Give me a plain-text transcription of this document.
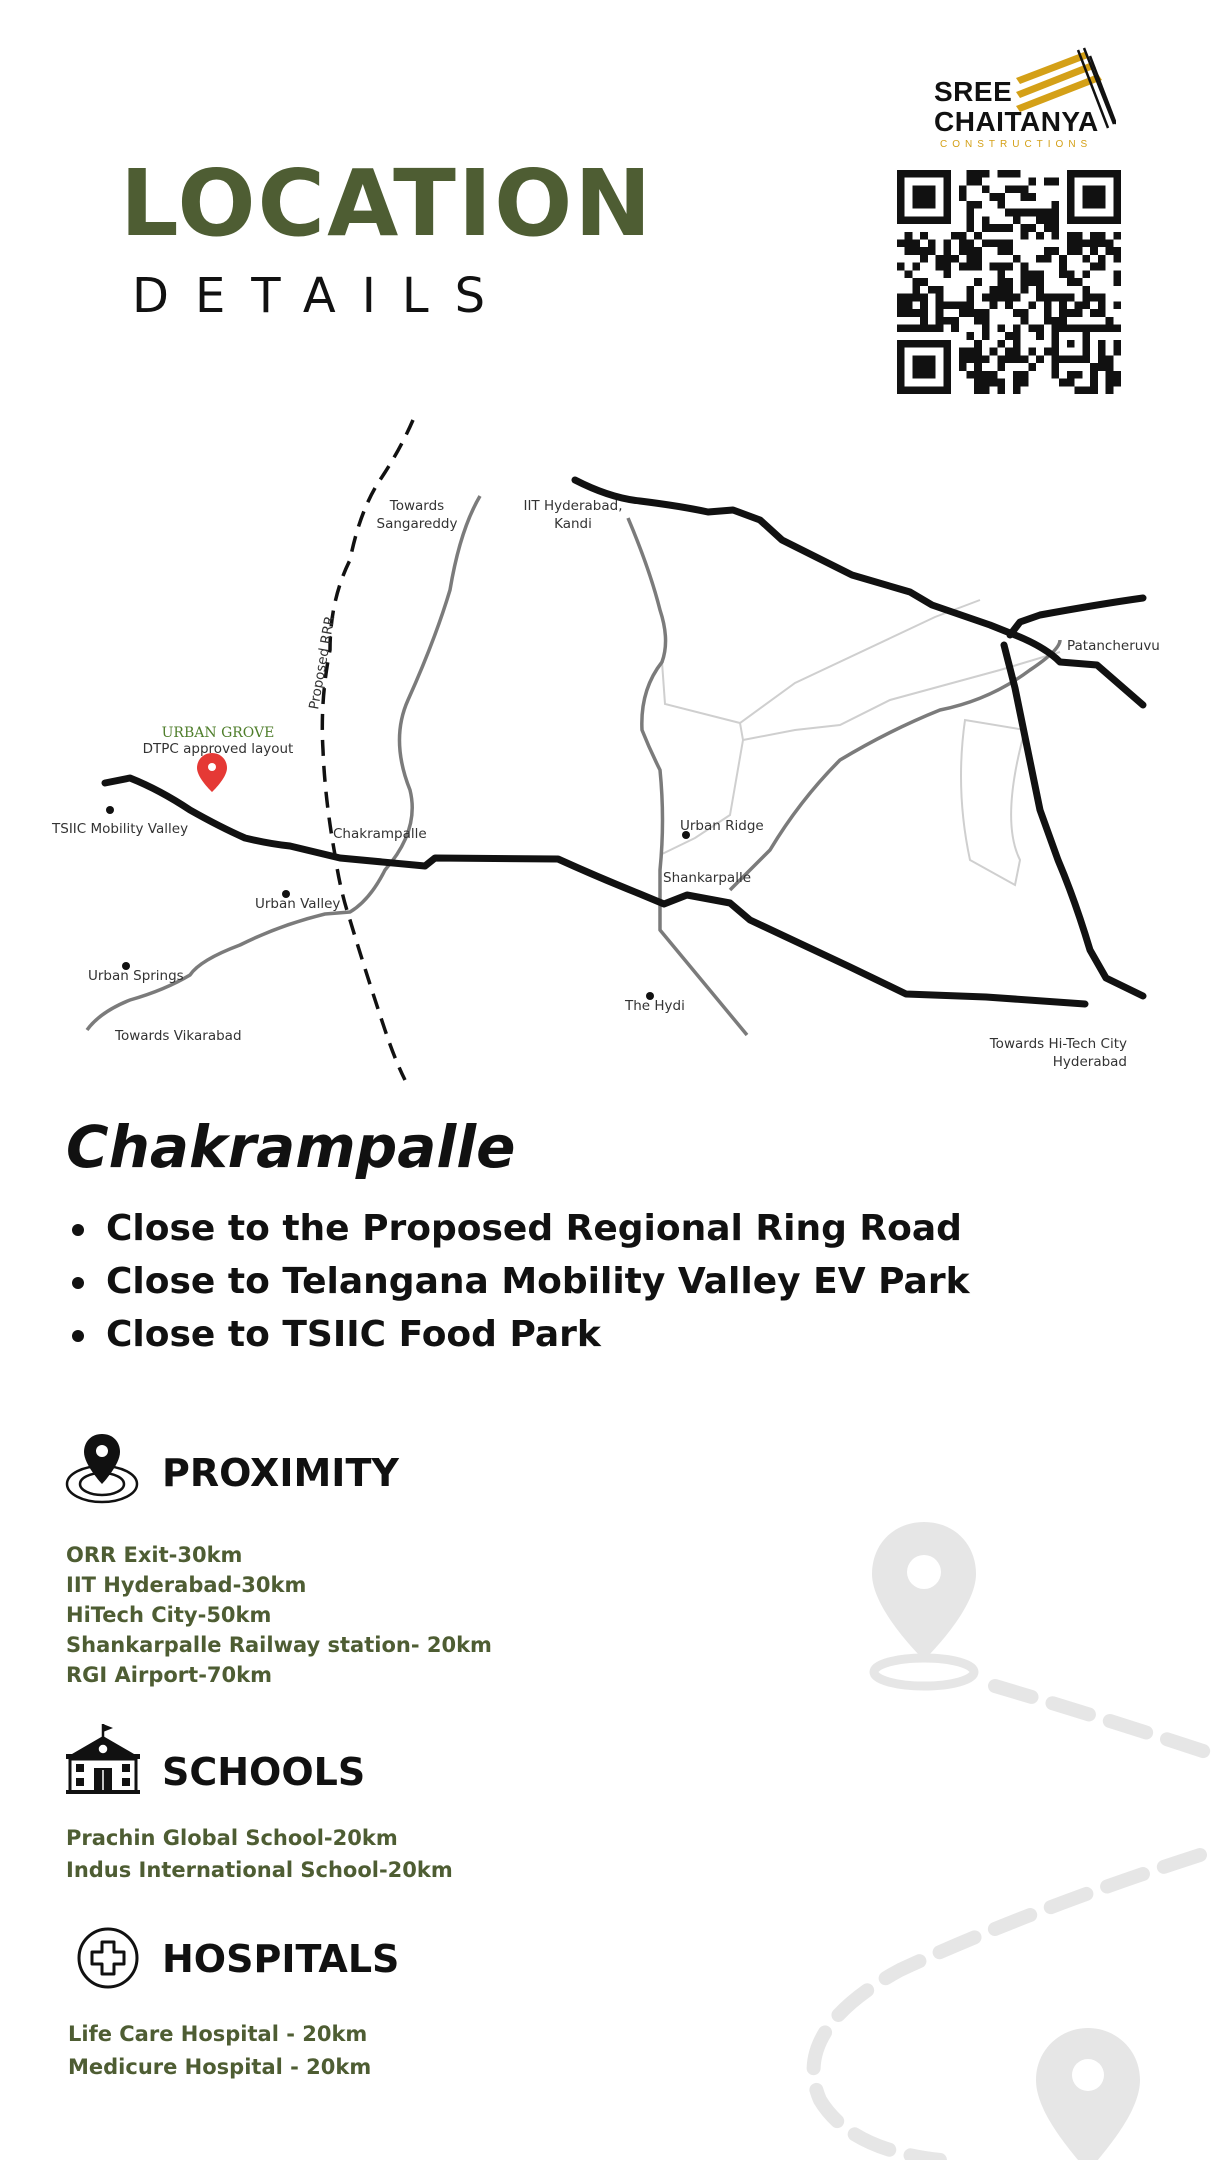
LOCATION
DETAILS
SREE
CHAITANYA
CONSTRUCTIONS
URBAN GROVE
DTPC approved layout
Proposed RRR
Towards
Sangareddy
IIT Hyderabad,
Kandi
Patancheruvu
TSIIC Mobility Valley	Chakrampalle	Urban Ridge
Shankarpalle
Urban Valley
Urban Springs
The Hydi
Towards Vikarabad	Towards Hi-Tech City
Hyderabad
Chakrampalle
Close to the Proposed Regional Ring Road
Close to Telangana Mobility Valley EV Park
Close to TSIIC Food Park
PROXIMITY
ORR Exit-30km
IIT Hyderabad-30km
HiTech City-50km
Shankarpalle Railway station- 20km
RGI Airport-70km
SCHOOLS
Prachin Global School-20km
Indus International School-20km
HOSPITALS
Life Care Hospital - 20km
Medicure Hospital - 20km
